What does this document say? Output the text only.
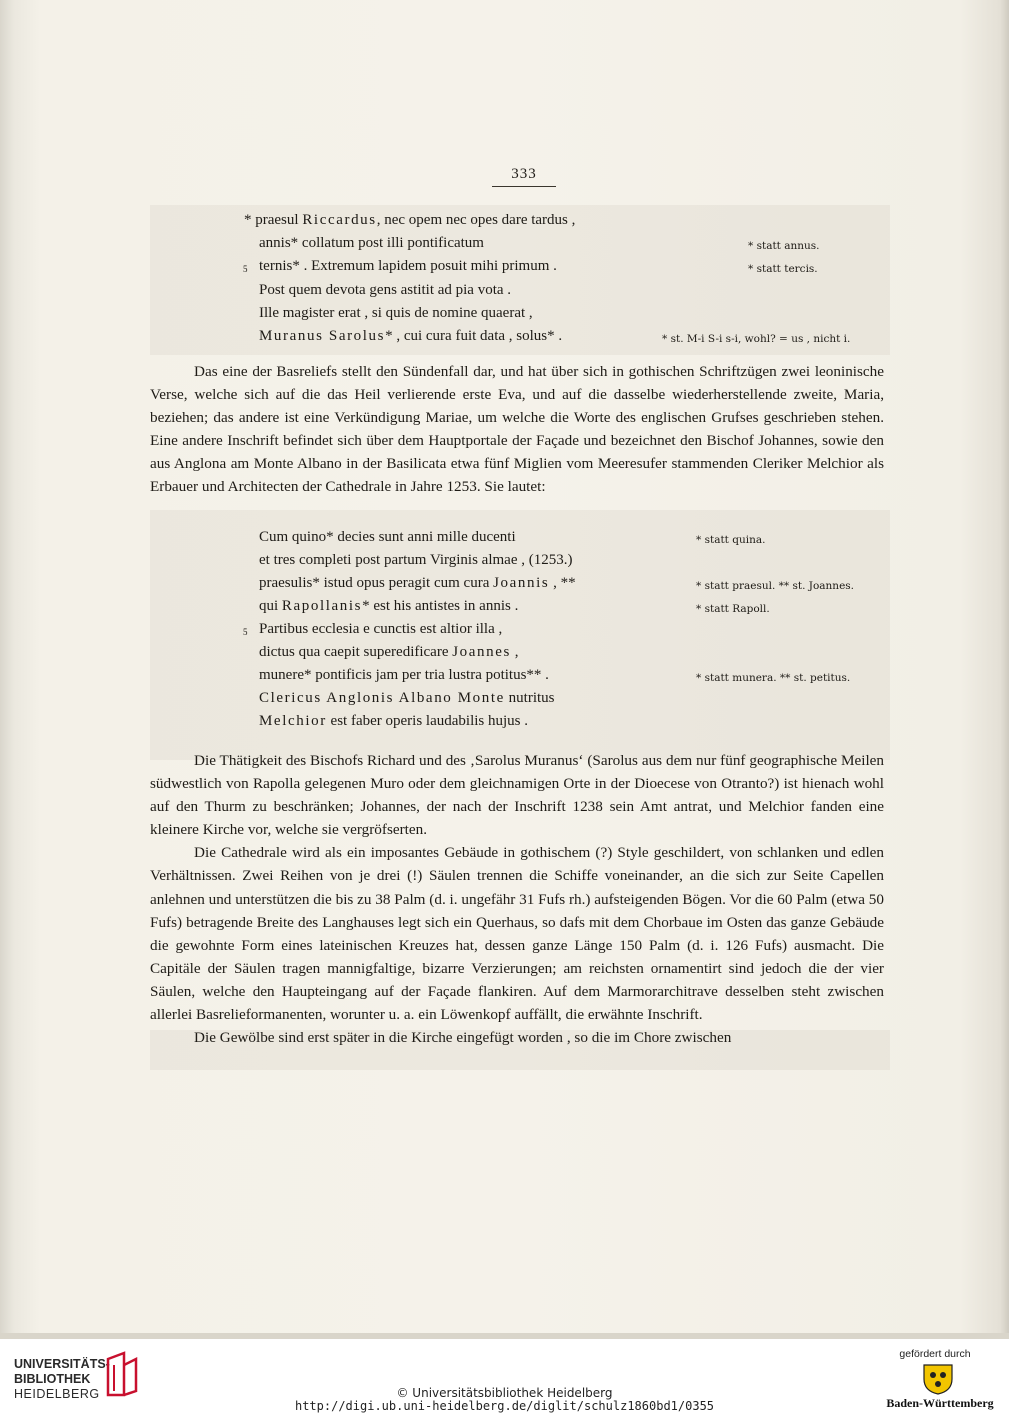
333
* praesul Riccardus, nec opem nec opes dare tardus ,
annis* collatum post illi pontificatum	* statt annus.
5 ternis* . Extremum lapidem posuit mihi primum .	* statt tercis.
Post quem devota gens astitit ad pia vota .
Ille magister erat , si quis de nomine quaerat ,
Muranus Sarolus* , cui cura fuit data , solus* .	* st. M-i S-i s-i, wohl? = us , nicht i.

Das eine der Basreliefs stellt den Sündenfall dar, und hat über sich in gothischen Schriftzügen zwei leoninische Verse, welche sich auf die das Heil verlierende erste Eva, und auf die dasselbe wiederherstellende zweite, Maria, beziehen; das andere ist eine Verkündigung Mariae, um welche die Worte des englischen Grufses geschrieben stehen. Eine andere Inschrift befindet sich über dem Hauptportale der Façade und bezeichnet den Bischof Johannes, sowie den aus Anglona am Monte Albano in der Basilicata etwa fünf Miglien vom Meeresufer stammenden Cleriker Melchior als Erbauer und Architecten der Cathedrale in Jahre 1253. Sie lautet:

Cum quino* decies sunt anni mille ducenti	* statt quina.
et tres completi post partum Virginis almae , (1253.)
praesulis* istud opus peragit cum cura Joannis , **	* statt praesul. ** st. Joannes.
qui Rapollanis* est his antistes in annis .	* statt Rapoll.
5 Partibus ecclesia e cunctis est altior illa ,
dictus qua caepit superedificare Joannes ,
munere* pontificis jam per tria lustra potitus** .	* statt munera. ** st. petitus.
Clericus Anglonis Albano Monte nutritus
Melchior est faber operis laudabilis hujus .

Die Thätigkeit des Bischofs Richard und des ‚Sarolus Muranus‘ (Sarolus aus dem nur fünf geographische Meilen südwestlich von Rapolla gelegenen Muro oder dem gleichnamigen Orte in der Dioecese von Otranto?) ist hienach wohl auf den Thurm zu beschränken; Johannes, der nach der Inschrift 1238 sein Amt antrat, und Melchior fanden eine kleinere Kirche vor, welche sie vergröfserten.

Die Cathedrale wird als ein imposantes Gebäude in gothischem (?) Style geschildert, von schlanken und edlen Verhältnissen. Zwei Reihen von je drei (!) Säulen trennen die Schiffe voneinander, an die sich zur Seite Capellen anlehnen und unterstützen die bis zu 38 Palm (d. i. ungefähr 31 Fufs rh.) aufsteigenden Bögen. Vor die 60 Palm (etwa 50 Fufs) betragende Breite des Langhauses legt sich ein Querhaus, so dafs mit dem Chorbaue im Osten das ganze Gebäude die gewohnte Form eines lateinischen Kreuzes hat, dessen ganze Länge 150 Palm (d. i. 126 Fufs) ausmacht. Die Capitäle der Säulen tragen mannigfaltige, bizarre Verzierungen; am reichsten ornamentirt sind jedoch die der vier Säulen, welche den Haupteingang auf der Façade flankiren. Auf dem Marmorarchitrave desselben steht zwischen allerlei Basrelieformanenten, worunter u. a. ein Löwenkopf auffällt, die erwähnte Inschrift.

Die Gewölbe sind erst später in die Kirche eingefügt worden , so die im Chore zwischen

UNIVERSITÄTS-
BIBLIOTHEK
HEIDELBERG	© Universitätsbibliothek Heidelberg
http://digi.ub.uni-heidelberg.de/diglit/schulz1860bd1/0355
gefördert durch
Baden-Württemberg
